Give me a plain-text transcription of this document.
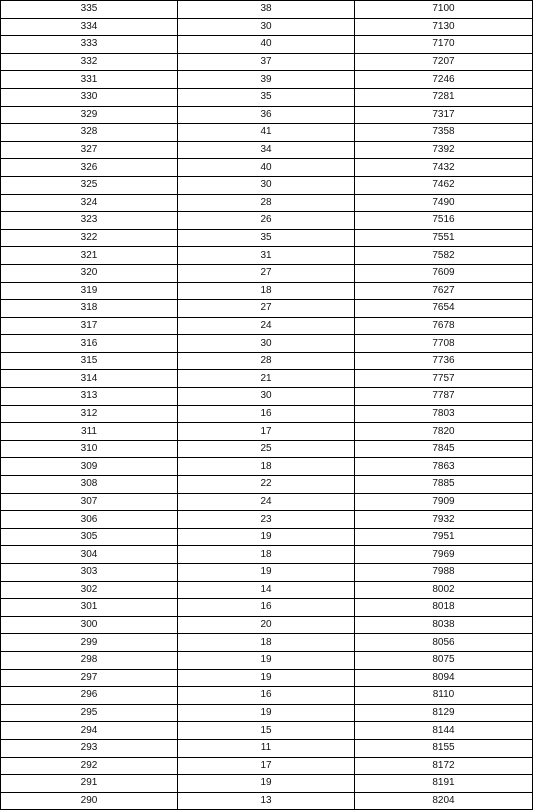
335	38	7100
334	30	7130
333	40	7170
332	37	7207
331	39	7246
330	35	7281
329	36	7317
328	41	7358
327	34	7392
326	40	7432
325	30	7462
324	28	7490
323	26	7516
322	35	7551
321	31	7582
320	27	7609
319	18	7627
318	27	7654
317	24	7678
316	30	7708
315	28	7736
314	21	7757
313	30	7787
312	16	7803
311	17	7820
310	25	7845
309	18	7863
308	22	7885
307	24	7909
306	23	7932
305	19	7951
304	18	7969
303	19	7988
302	14	8002
301	16	8018
300	20	8038
299	18	8056
298	19	8075
297	19	8094
296	16	8110
295	19	8129
294	15	8144
293	11	8155
292	17	8172
291	19	8191
290	13	8204
